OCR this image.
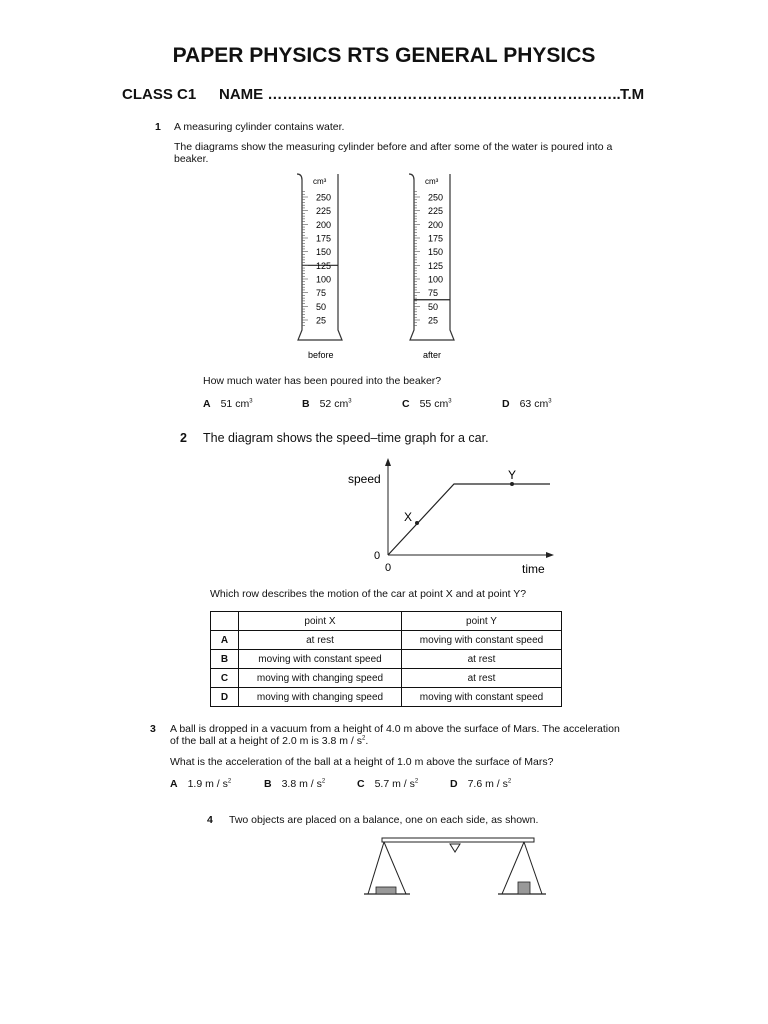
PAPER PHYSICS RTS GENERAL PHYSICS
CLASS C1 NAME …………………………………………………………….. T.M
1 A measuring cylinder contains water.
The diagrams show the measuring cylinder before and after some of the water is poured into a
beaker.
250
225
200
175
150
125
100
75
50
25
cm³
before
250
225
200
175
150
125
100
75
50
25
cm³
after
How much water has been poured into the beaker?
A 51 $cm^3$	B 52 $cm^3$	C 55 $cm^3$	D 63 $cm^3$
2 The diagram shows the speed–time graph for a car.
speed
time
0
0
X
Y
Which row describes the motion of the car at point X and at point Y?
	point X	point Y
A	at rest	moving with constant speed
B	moving with constant speed	at rest
C	moving with changing speed	at rest
D	moving with changing speed	moving with constant speed
3 A ball is dropped in a vacuum from a height of 4.0 m above the surface of Mars. The acceleration
of the ball at a height of 2.0 m is 3.8 m / $s^2$.
What is the acceleration of the ball at a height of 1.0 m above the surface of Mars?
A 1.9 m / $s^2$	B 3.8 m / $s^2$	C 5.7 m / $s^2$	D 7.6 m / $s^2$
4 Two objects are placed on a balance, one on each side, as shown.
